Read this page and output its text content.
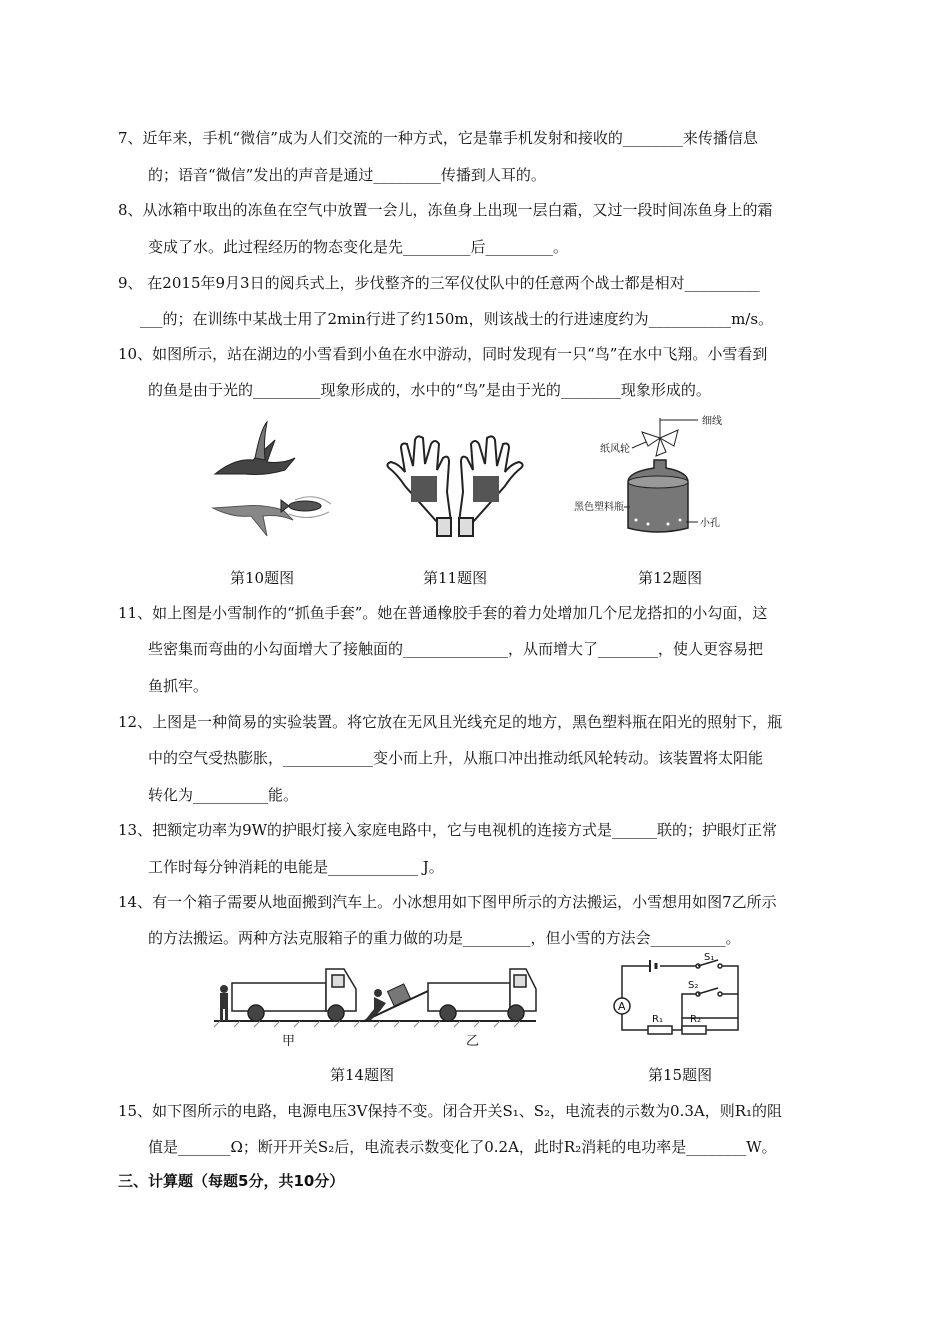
7、近年来，手机“微信”成为人们交流的一种方式，它是靠手机发射和接收的________来传播信息
的；语音“微信”发出的声音是通过_________传播到人耳的。
8、从冰箱中取出的冻鱼在空气中放置一会儿，冻鱼身上出现一层白霜，又过一段时间冻鱼身上的霜
变成了水。此过程经历的物态变化是先_________后_________。
9、 在2015年9月3日的阅兵式上，步伐整齐的三军仪仗队中的任意两个战士都是相对__________
___的；在训练中某战士用了2min行进了约150m，则该战士的行进速度约为___________m/s。
10、如图所示，站在湖边的小雪看到小鱼在水中游动，同时发现有一只“鸟”在水中飞翔。小雪看到
的鱼是由于光的_________现象形成的，水中的“鸟”是由于光的________现象形成的。
细线
纸风轮
黑色塑料瓶
小孔
第10题图	第11题图	第12题图
11、如上图是小雪制作的“抓鱼手套”。她在普通橡胶手套的着力处增加几个尼龙搭扣的小勾面，这
些密集而弯曲的小勾面增大了接触面的______________，从而增大了________，使人更容易把
鱼抓牢。
12、上图是一种简易的实验装置。将它放在无风且光线充足的地方，黑色塑料瓶在阳光的照射下，瓶
中的空气受热膨胀，____________变小而上升，从瓶口冲出推动纸风轮转动。该装置将太阳能
转化为__________能。
13、把额定功率为9W的护眼灯接入家庭电路中，它与电视机的连接方式是______联的；护眼灯正常
工作时每分钟消耗的电能是____________ J。
14、有一个箱子需要从地面搬到汽车上。小冰想用如下图甲所示的方法搬运，小雪想用如图7乙所示
的方法搬运。两种方法克服箱子的重力做的功是_________，但小雪的方法会__________。
甲	乙
S₁
S₂
A
R₁	R₂
第14题图	第15题图
15、如下图所示的电路，电源电压3V保持不变。闭合开关S₁、S₂，电流表的示数为0.3A，则R₁的阻
值是_______Ω；断开开关S₂后，电流表示数变化了0.2A，此时R₂消耗的电功率是________W。
三、计算题（每题5分，共10分）
